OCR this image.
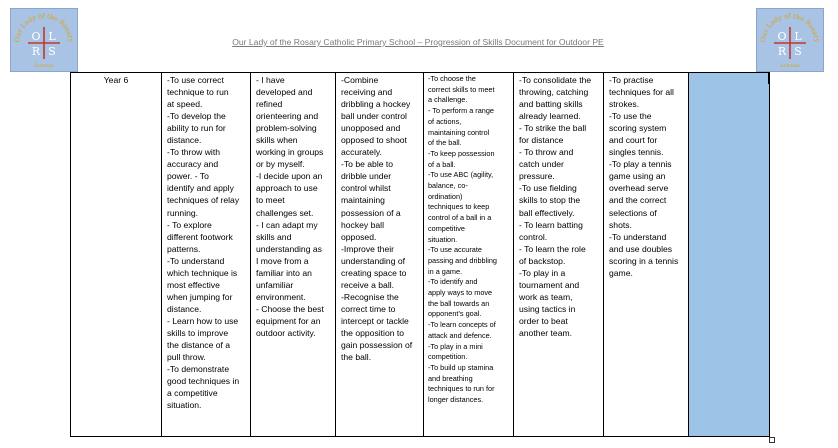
Our Lady of the Rosary
O L
R S
Schools
Our Lady of the Rosary
O L
R S
Schools
Our Lady of the Rosary Catholic Primary School – Progression of Skills Document for Outdoor PE
Year 6	-To use correct
technique to run
at speed.
-To develop the
ability to run for
distance.
-To throw with
accuracy and
power. - To
identify and apply
techniques of relay
running.
- To explore
different footwork
patterns.
-To understand
which technique is
most effective
when jumping for
distance.
- Learn how to use
skills to improve
the distance of a
pull throw.
-To demonstrate
good techniques in
a competitive
situation.

- I have
developed and
refined
orienteering and
problem-solving
skills when
working in groups
or by myself.
-I decide upon an
approach to use
to meet
challenges set.
- I can adapt my
skills and
understanding as
I move from a
familiar into an
unfamiliar
environment.
- Choose the best
equipment for an
outdoor activity.

-Combine
receiving and
dribbling a hockey
ball under control
unopposed and
opposed to shoot
accurately.
-To be able to
dribble under
control whilst
maintaining
possession of a
hockey ball
opposed.
-Improve their
understanding of
creating space to
receive a ball.
-Recognise the
correct time to
intercept or tackle
the opposition to
gain possession of
the ball.

-To choose the
correct skills to meet
a challenge.
- To perform a range
of actions,
maintaining control
of the ball.
-To keep possession
of a ball.
-To use ABC (agility,
balance, co-
ordination)
techniques to keep
control of a ball in a
competitive
situation.
-To use accurate
passing and dribbling
in a game.
-To identify and
apply ways to move
the ball towards an
opponent’s goal.
-To learn concepts of
attack and defence.
-To play in a mini
competition.
-To build up stamina
and breathing
techniques to run for
longer distances.

-To consolidate the
throwing, catching
and batting skills
already learned.
- To strike the ball
for distance
- To throw and
catch under
pressure.
-To use fielding
skills to stop the
ball effectively.
- To learn batting
control.
- To learn the role
of backstop.
-To play in a
tournament and
work as team,
using tactics in
order to beat
another team.

-To practise
techniques for all
strokes.
-To use the
scoring system
and court for
singles tennis.
-To play a tennis
game using an
overhead serve
and the correct
selections of
shots.
-To understand
and use doubles
scoring in a tennis
game.
